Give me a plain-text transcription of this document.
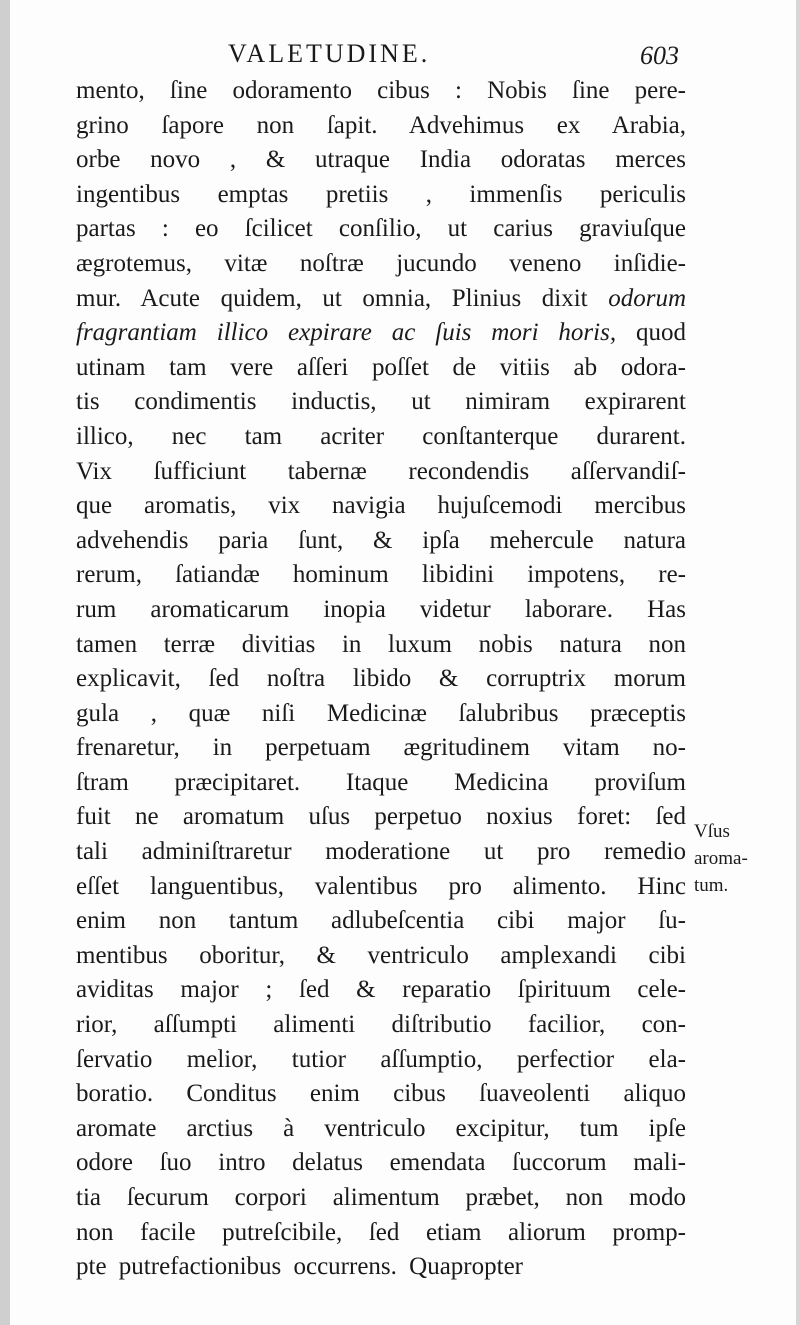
VALETUDINE.	603
mento, ſine odoramento cibus : Nobis ſine pere-
grino ſapore non ſapit. Advehimus ex Arabia,
orbe novo , & utraque India odoratas merces
ingentibus emptas pretiis , immenſis periculis
partas : eo ſcilicet conſilio, ut carius graviuſque
ægrotemus, vitæ noſtræ jucundo veneno inſidie-
mur. Acute quidem, ut omnia, Plinius dixit odorum
fragrantiam illico expirare ac ſuis mori horis, quod
utinam tam vere aſſeri poſſet de vitiis ab odora-
tis condimentis inductis, ut nimiram expirarent
illico, nec tam acriter conſtanterque durarent.
Vix ſufficiunt tabernæ recondendis aſſervandiſ-
que aromatis, vix navigia hujuſcemodi mercibus
advehendis paria ſunt, & ipſa mehercule natura
rerum, ſatiandæ hominum libidini impotens, re-
rum aromaticarum inopia videtur laborare. Has
tamen terræ divitias in luxum nobis natura non
explicavit, ſed noſtra libido & corruptrix morum
gula , quæ niſi Medicinæ ſalubribus præceptis
frenaretur, in perpetuam ægritudinem vitam no-
ſtram præcipitaret. Itaque Medicina proviſum
fuit ne aromatum uſus perpetuo noxius foret: ſed
tali adminiſtraretur moderatione ut pro remedio
eſſet languentibus, valentibus pro alimento. Hinc
enim non tantum adlubeſcentia cibi major ſu-
mentibus oboritur, & ventriculo amplexandi cibi
aviditas major ; ſed & reparatio ſpirituum cele-
rior, aſſumpti alimenti diſtributio facilior, con-
ſervatio melior, tutior aſſumptio, perfectior ela-
boratio. Conditus enim cibus ſuaveolenti aliquo
aromate arctius à ventriculo excipitur, tum ipſe
odore ſuo intro delatus emendata ſuccorum mali-
tia ſecurum corpori alimentum præbet, non modo
non facile putreſcibile, ſed etiam aliorum promp-
pte putrefactionibus occurrens. Quapropter
Vſus
aroma-
tum.
